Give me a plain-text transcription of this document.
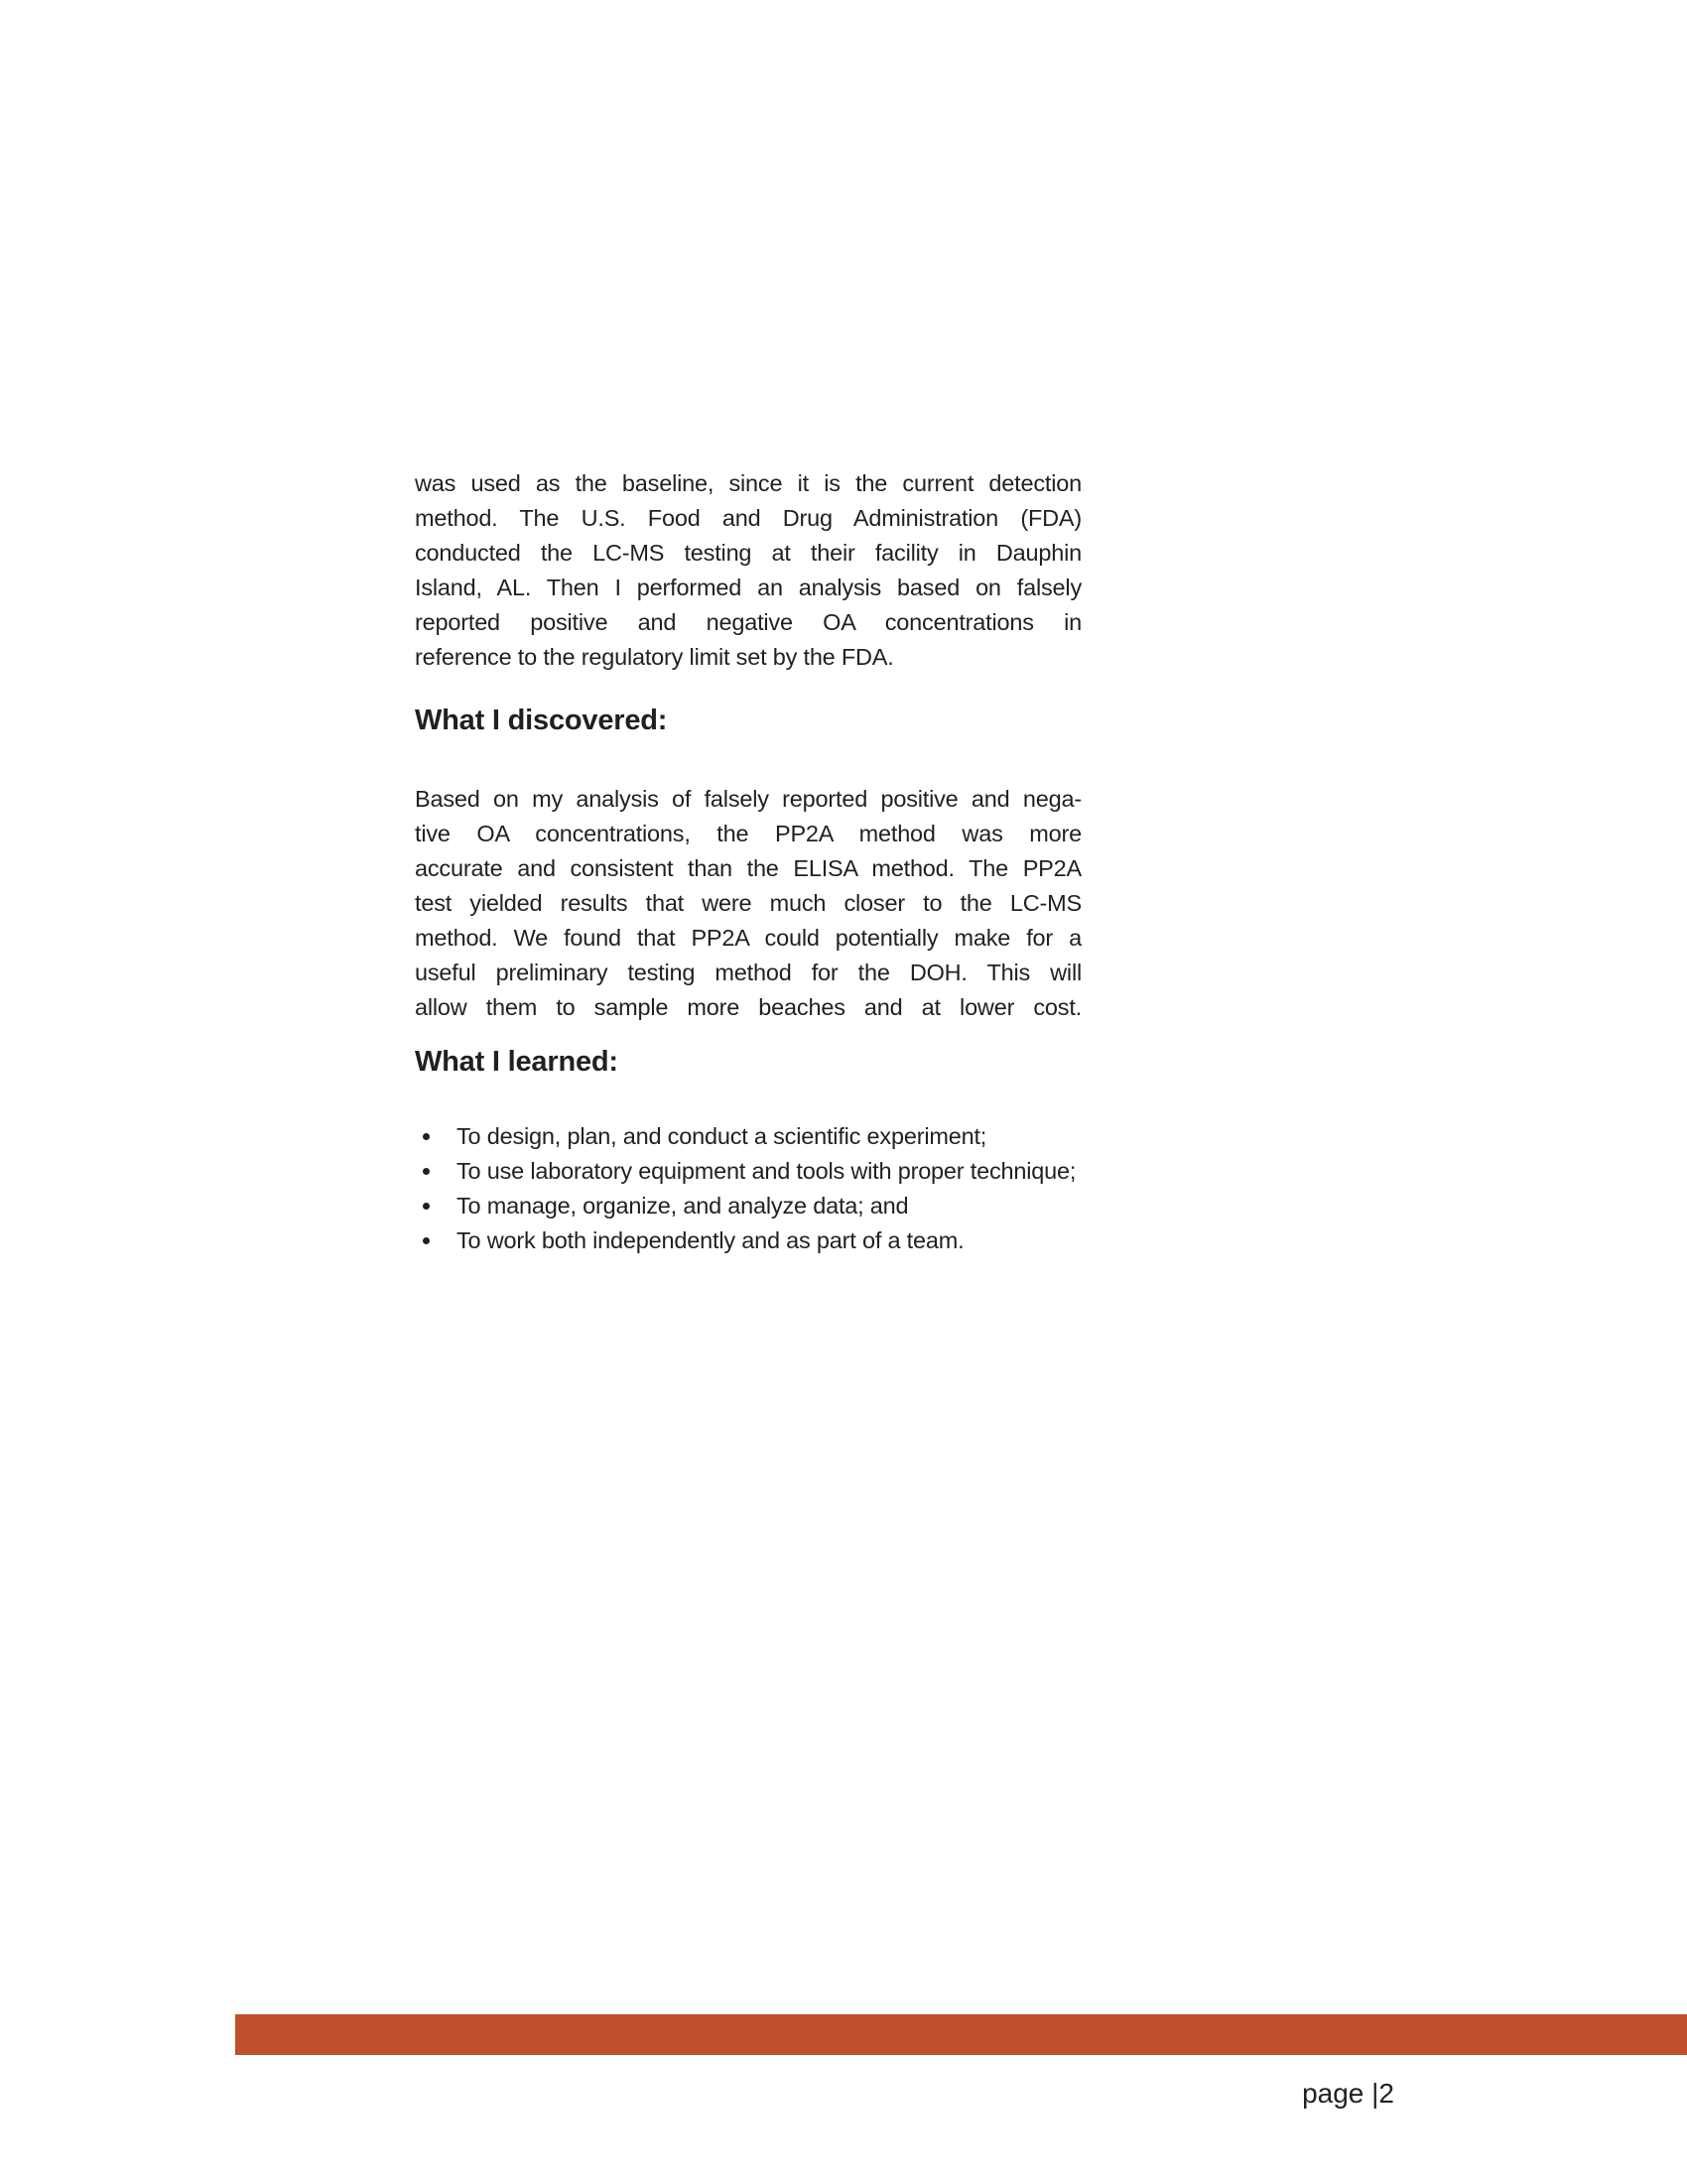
was used as the baseline, since it is the current detection
method. The U.S. Food and Drug Administration (FDA)
conducted the LC-MS testing at their facility in Dauphin
Island, AL. Then I performed an analysis based on falsely
reported positive and negative OA concentrations in
reference to the regulatory limit set by the FDA.
What I discovered:
Based on my analysis of falsely reported positive and nega-
tive OA concentrations, the PP2A method was more
accurate and consistent than the ELISA method. The PP2A
test yielded results that were much closer to the LC-MS
method. We found that PP2A could potentially make for a
useful preliminary testing method for the DOH. This will
allow them to sample more beaches and at lower cost.
What I learned:
To design, plan, and conduct a scientific experiment;
To use laboratory equipment and tools with proper technique;
To manage, organize, and analyze data; and
To work both independently and as part of a team.
page |2
